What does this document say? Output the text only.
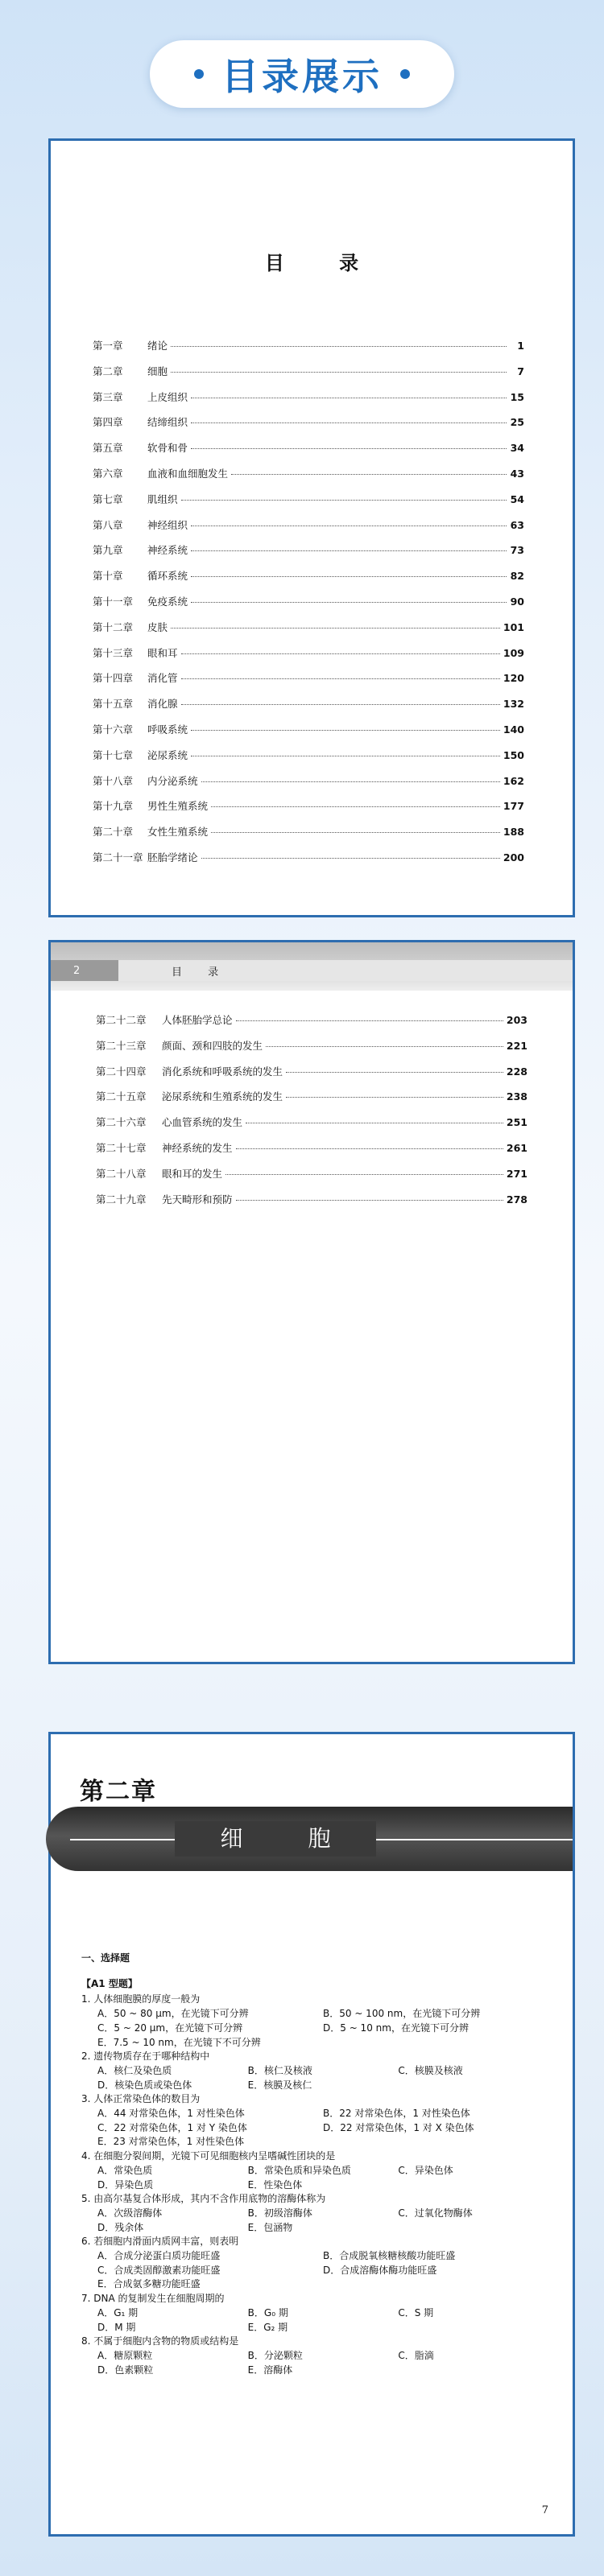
目录展示
目 录
第一章	绪论	1
第二章	细胞	7
第三章	上皮组织	15
第四章	结缔组织	25
第五章	软骨和骨	34
第六章	血液和血细胞发生	43
第七章	肌组织	54
第八章	神经组织	63
第九章	神经系统	73
第十章	循环系统	82
第十一章	免疫系统	90
第十二章	皮肤	101
第十三章	眼和耳	109
第十四章	消化管	120
第十五章	消化腺	132
第十六章	呼吸系统	140
第十七章	泌尿系统	150
第十八章	内分泌系统	162
第十九章	男性生殖系统	177
第二十章	女性生殖系统	188
第二十一章 胚胎学绪论	200
2	目 录
第二十二章	人体胚胎学总论	203
第二十三章	颜面、颈和四肢的发生	221
第二十四章	消化系统和呼吸系统的发生	228
第二十五章	泌尿系统和生殖系统的发生	238
第二十六章	心血管系统的发生	251
第二十七章	神经系统的发生	261
第二十八章	眼和耳的发生	271
第二十九章	先天畸形和预防	278
第二章
细 胞
一、选择题
【A1 型题】

1. 人体细胞膜的厚度一般为

A．50 ~ 80 μm，在光镜下可分辨	B．50 ~ 100 nm，在光镜下可分辨
C．5 ~ 20 μm，在光镜下可分辨	D．5 ~ 10 nm，在光镜下可分辨
E．7.5 ~ 10 nm，在光镜下不可分辨

2. 遗传物质存在于哪种结构中

A．核仁及染色质	B．核仁及核液	C．核膜及核液
D．核染色质或染色体	E．核膜及核仁

3. 人体正常染色体的数目为

A．44 对常染色体，1 对性染色体	B．22 对常染色体，1 对性染色体
C．22 对常染色体，1 对 Y 染色体	D．22 对常染色体，1 对 X 染色体
E．23 对常染色体，1 对性染色体

4. 在细胞分裂间期，光镜下可见细胞核内呈嗜碱性团块的是

A．常染色质	B．常染色质和异染色质	C．异染色体
D．异染色质	E．性染色体

5. 由高尔基复合体形成，其内不含作用底物的溶酶体称为

A．次级溶酶体	B．初级溶酶体	C．过氧化物酶体
D．残余体	E．包涵物

6. 若细胞内滑面内质网丰富，则表明

A．合成分泌蛋白质功能旺盛	B．合成脱氧核糖核酸功能旺盛
C．合成类固醇激素功能旺盛	D．合成溶酶体酶功能旺盛
E．合成氨多糖功能旺盛

7. DNA 的复制发生在细胞周期的

A．G₁ 期	B．G₀ 期	C．S 期
D．M 期	E．G₂ 期

8. 不属于细胞内含物的物质或结构是

A．糖原颗粒	B．分泌颗粒	C．脂滴
D．色素颗粒	E．溶酶体
7
